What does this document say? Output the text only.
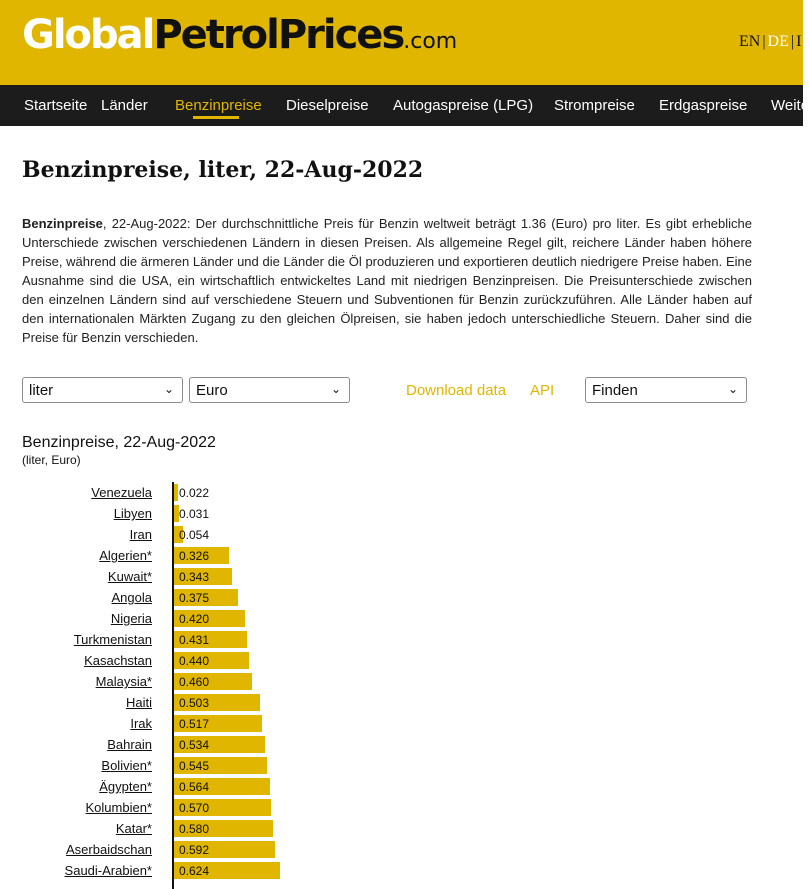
GlobalPetrolPrices.com	EN | DE | I
Startseite Länder Benzinpreise Dieselpreise Autogaspreise (LPG) Strompreise Erdgaspreise Weite
Benzinpreise, liter, 22-Aug-2022

Benzinpreise, 22-Aug-2022: Der durchschnittliche Preis für Benzin weltweit beträgt 1.36 (Euro) pro liter. Es gibt erhebliche Unterschiede zwischen verschiedenen Ländern in diesen Preisen. Als allgemeine Regel gilt, reichere Länder haben höhere Preise, während die ärmeren Länder und die Länder die Öl produzieren und exportieren deutlich niedrigere Preise haben. Eine Ausnahme sind die USA, ein wirtschaftlich entwickeltes Land mit niedrigen Benzinpreisen. Die Preisunterschiede zwischen den einzelnen Ländern sind auf verschiedene Steuern und Subventionen für Benzin zurückzuführen. Alle Länder haben auf den internationalen Märkten Zugang zu den gleichen Ölpreisen, sie haben jedoch unterschiedliche Steuern. Daher sind die Preise für Benzin verschieden.

liter	⌄	Euro	⌄	Download data API	Finden	⌄
Benzinpreise, 22-Aug-2022
(liter, Euro)
Venezuela 0.022
Libyen 0.031
Iran 0.054
Algerien* 0.326
Kuwait* 0.343
Angola 0.375
Nigeria 0.420
Turkmenistan 0.431
Kasachstan 0.440
Malaysia* 0.460
Haiti 0.503
Irak 0.517
Bahrain 0.534
Bolivien* 0.545
Ägypten* 0.564
Kolumbien* 0.570
Katar* 0.580
Aserbaidschan 0.592
Saudi-Arabien* 0.624
